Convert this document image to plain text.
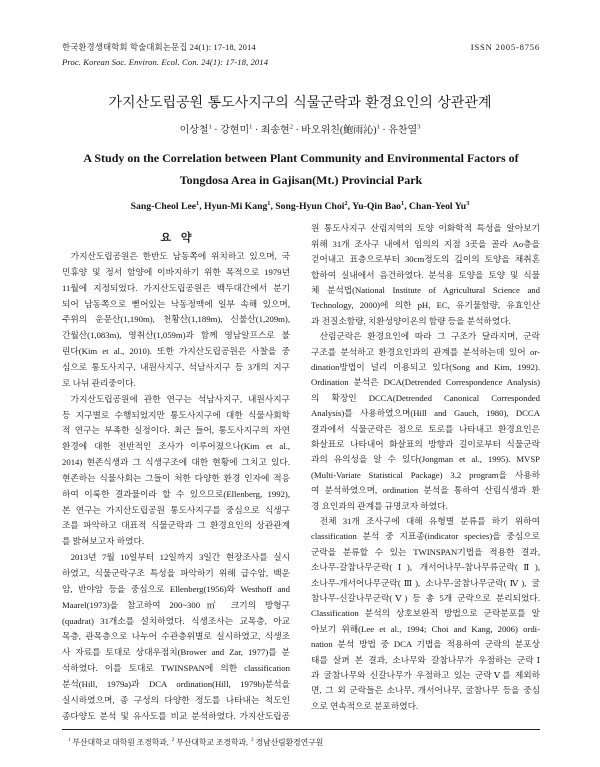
한국환경생태학회 학술대회논문집 24(1): 17-18, 2014
Proc. Korean Soc. Environ. Ecol. Con. 24(1): 17-18, 2014
ISSN 2005-8756
가지산도립공원 통도사지구의 식물군락과 환경요인의 상관관계
이상철$^1$ · 강현미$^1$ · 최송현$^2$ · 바오위친(鮑雨沁)$^1$ · 유찬열$^3$
A Study on the Correlation between Plant Community and Environmental Factors of
Tongdosa Area in Gajisan(Mt.) Provincial Park
Sang-Cheol Lee$^1$, Hyun-Mi Kang$^1$, Song-Hyun Choi$^2$, Yu-Qin Bao$^1$, Chan-Yeol Yu$^3$
요 약
가지산도립공원은 한반도 남동쪽에 위치하고 있으며, 국
민휴양 및 정서 함양에 이바지하기 위한 목적으로 1979년
11월에 지정되었다. 가지산도립공원은 백두대간에서 분기
되어 남동쪽으로 뻗어있는 낙동정맥에 일부 속해 있으며,
주위의 운문산(1,190m), 천황산(1,189m), 신불산(1,209m),
간월산(1,083m), 영취산(1,059m)과 함께 영남알프스로 불
린다(Kim et al., 2010). 또한 가지산도립공원은 사찰을 중
심으로 통도사지구, 내원사지구, 석남사지구 등 3개의 지구
로 나뉘 관리중이다.
가지산도립공원에 관한 연구는 석남사지구, 내원사지구
등 지구별로 수행되었지만 통도사지구에 대한 식물사회학
적 연구는 부족한 실정이다. 최근 들어, 통도사지구의 자연
환경에 대한 전반적인 조사가 이루어졌으나(Kim et al.,
2014) 현존식생과 그 식생구조에 대한 현황에 그치고 있다.
현존하는 식물사회는 그들이 처한 다양한 환경 인자에 적응
하여 이룩한 결과물이라 할 수 있으므로(Ellenberg, 1992),
본 연구는 가지산도립공원 통도사지구를 중심으로 식생구
조를 파악하고 대표적 식물군락과 그 환경요인의 상관관계
를 밝혀보고자 하였다.
2013년 7월 10일부터 12일까지 3일간 현장조사를 실시
하였고, 식물군락구조 특성을 파악하기 위해 급수암, 백운
암, 반야암 등을 중심으로 Ellenberg(1956)와 Westhoff and
Maarel(1973)을 참고하여 200~300㎡ 크기의 방형구
(quadrat) 31개소를 설치하였다. 식생조사는 교목층, 아교
목층, 관목층으로 나누어 수관층위별로 실시하였고, 식생조
사 자료를 토대로 상대우점치(Brower and Zar, 1977)를 분
석하였다. 이를 토대로 TWINSPAN에 의한 classification
분석(Hill, 1979a)과 DCA ordination(Hill, 1979b)분석을
실시하였으며, 종 구성의 다양한 정도를 나타내는 척도인
종다양도 분석 및 유사도를 비교 분석하였다. 가지산도립공
원 통도사지구 산림지역의 토양 이화학적 특성을 알아보기
위해 31개 조사구 내에서 임의의 지점 3곳을 골라 Ao층을
걷어내고 표층으로부터 30cm정도의 깊이의 토양을 채취혼
합하여 실내에서 음건하였다. 분석용 토양을 토양 및 식물
체 분석법(National Institute of Agricultural Science and
Technology, 2000)에 의한 pH, EC, 유기물함량, 유효인산
과 전질소함량, 치환성양이온의 함량 등을 분석하였다.
산림군락은 환경요인에 따라 그 구조가 달라지며, 군락
구조를 분석하고 환경요인과의 관계를 분석하는데 있어 or-
dination방법이 널리 이용되고 있다(Song and Kim, 1992).
Ordination 분석은 DCA(Detrended Correspondence Analysis)
의 확장인 DCCA(Detrended Canonical Corresponded
Analysis)를 사용하였으며(Hill and Gauch, 1980), DCCA
결과에서 식물군락은 점으로 토로를 나타내고 환경요인은
화살표로 나타내어 화살표의 방향과 길이로부터 식물군락
과의 유의성을 알 수 있다(Jongman et al., 1995). MVSP
(Multi-Variate Statistical Package) 3.2 program을 사용하
여 분석하였으며, ordination 분석을 통하여 산림식생과 환
경 요인과의 관계를 규명코자 하였다.
전체 31개 조사구에 대해 유형별 분류를 하기 위하여
classification 분석 중 지표종(indicator species)을 중심으로
군락을 분류할 수 있는 TWINSPAN기법을 적용한 결과,
소나무-갈참나무군락(Ⅰ), 개서어나무-참나무류군락(Ⅱ),
소나무-개서어나무군락(Ⅲ), 소나무-굴참나무군락(Ⅳ), 굴
참나무-신갈나무군락(Ⅴ) 등 총 5개 군락으로 분리되었다.
Classification 분석의 상호보완적 방법으로 군락분포를 알
아보기 위해(Lee et al., 1994; Choi and Kang, 2006) ordi-
nation 분석 방법 중 DCA 기법을 적용하여 군락의 분포상
태를 살펴 본 결과, 소나무와 갈참나무가 우점하는 군락Ⅰ
과 굴참나무와 신갈나무가 우점하고 있는 군락Ⅴ를 제외하
면, 그 외 군락들은 소나무, 개서어나무, 굴참나무 등을 중심
으로 연속적으로 분포하였다.
$^1$ 부산대학교 대학원 조경학과, $^2$ 부산대학교 조경학과, $^3$ 경남산림환경연구원
